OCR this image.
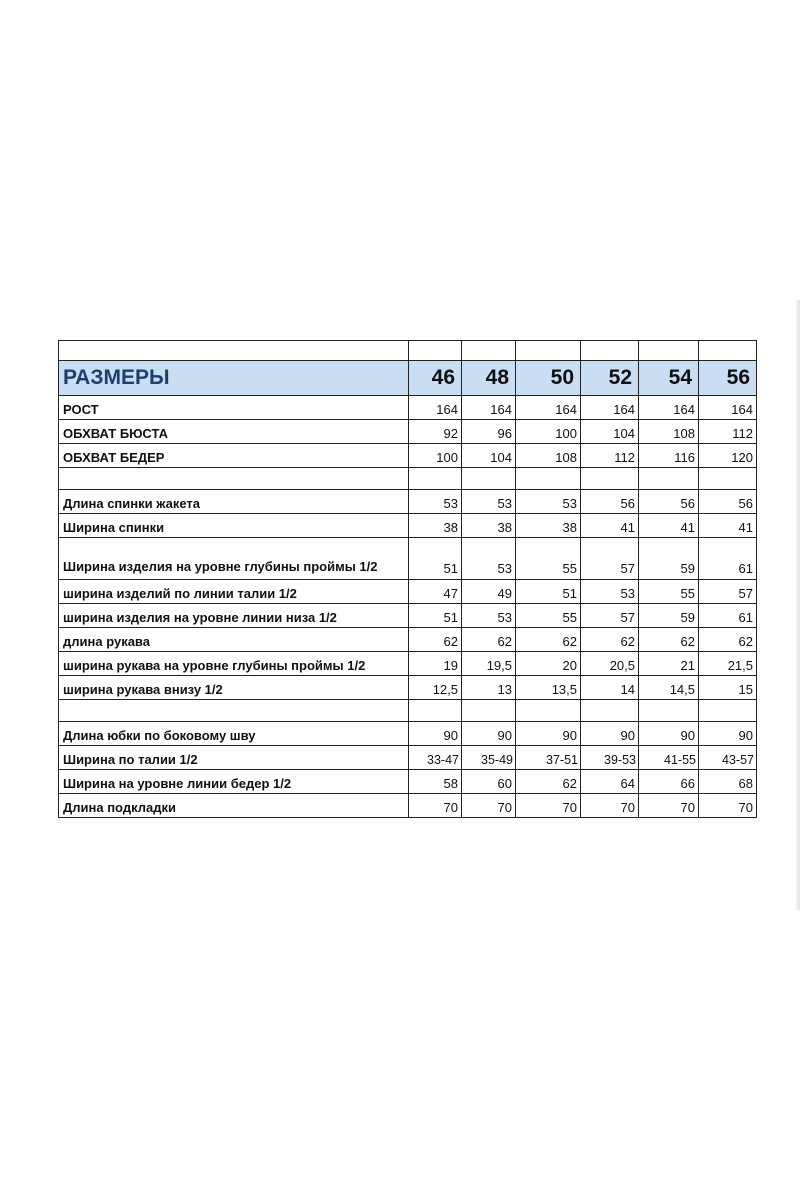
РАЗМЕРЫ	46	48	50	52	54	56
РОСТ	164	164	164	164	164	164
ОБХВАТ БЮСТА	92	96	100	104	108	112
ОБХВАТ БЕДЕР	100	104	108	112	116	120

Длина спинки жакета	53	53	53	56	56	56
Ширина спинки	38	38	38	41	41	41
Ширина изделия на уровне глубины проймы 1/2	51	53	55	57	59	61
ширина изделий по линии талии 1/2	47	49	51	53	55	57
ширина изделия на уровне линии низа 1/2	51	53	55	57	59	61
длина рукава	62	62	62	62	62	62
ширина рукава на уровне глубины проймы 1/2	19	19,5	20	20,5	21	21,5
ширина рукава внизу 1/2	12,5	13	13,5	14	14,5	15

Длина юбки по боковому шву	90	90	90	90	90	90
Ширина по талии 1/2	33-47	35-49	37-51	39-53	41-55	43-57
Ширина на уровне линии бедер 1/2	58	60	62	64	66	68
Длина подкладки	70	70	70	70	70	70
